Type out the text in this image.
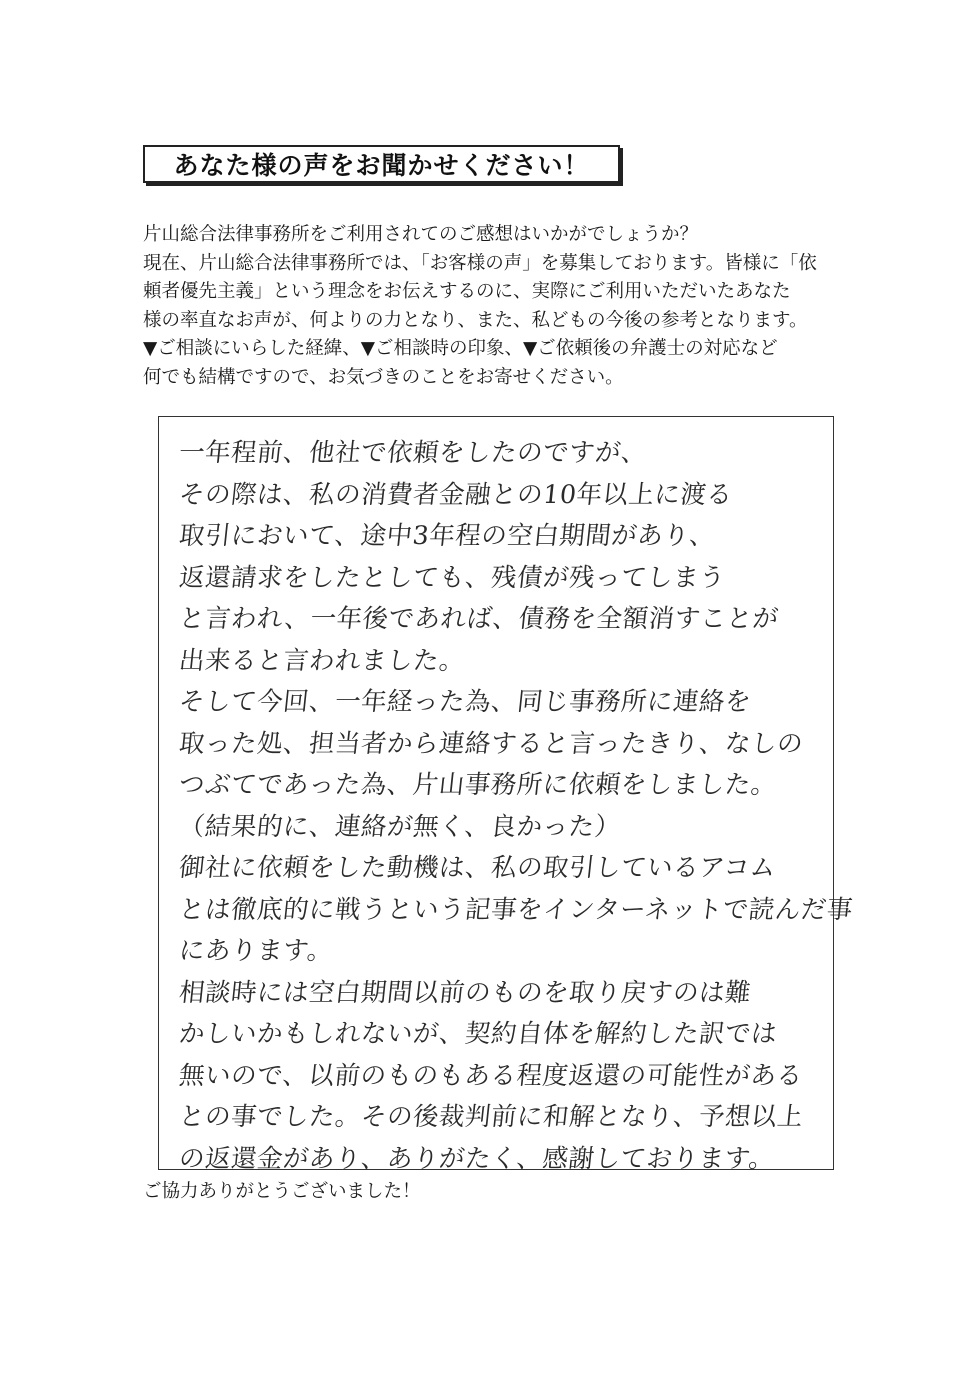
あなた様の声をお聞かせください！
片山総合法律事務所をご利用されてのご感想はいかがでしょうか？
現在、片山総合法律事務所では、「お客様の声」を募集しております。皆様に「依
頼者優先主義」という理念をお伝えするのに、実際にご利用いただいたあなた
様の率直なお声が、何よりの力となり、また、私どもの今後の参考となります。
▼ご相談にいらした経緯、▼ご相談時の印象、▼ご依頼後の弁護士の対応など
何でも結構ですので、お気づきのことをお寄せください。
一年程前、他社で依頼をしたのですが、
その際は、私の消費者金融との10年以上に渡る
取引において、途中3年程の空白期間があり、
返還請求をしたとしても、残債が残ってしまう
と言われ、一年後であれば、債務を全額消すことが
出来ると言われました。
そして今回、一年経った為、同じ事務所に連絡を
取った処、担当者から連絡すると言ったきり、なしの
つぶてであった為、片山事務所に依頼をしました。
（結果的に、連絡が無く、良かった）
御社に依頼をした動機は、私の取引しているアコム
とは徹底的に戦うという記事をインターネットで読んだ事
にあります。
相談時には空白期間以前のものを取り戻すのは難
かしいかもしれないが、契約自体を解約した訳では
無いので、以前のものもある程度返還の可能性がある
との事でした。その後裁判前に和解となり、予想以上
の返還金があり、ありがたく、感謝しております。
ご協力ありがとうございました！
